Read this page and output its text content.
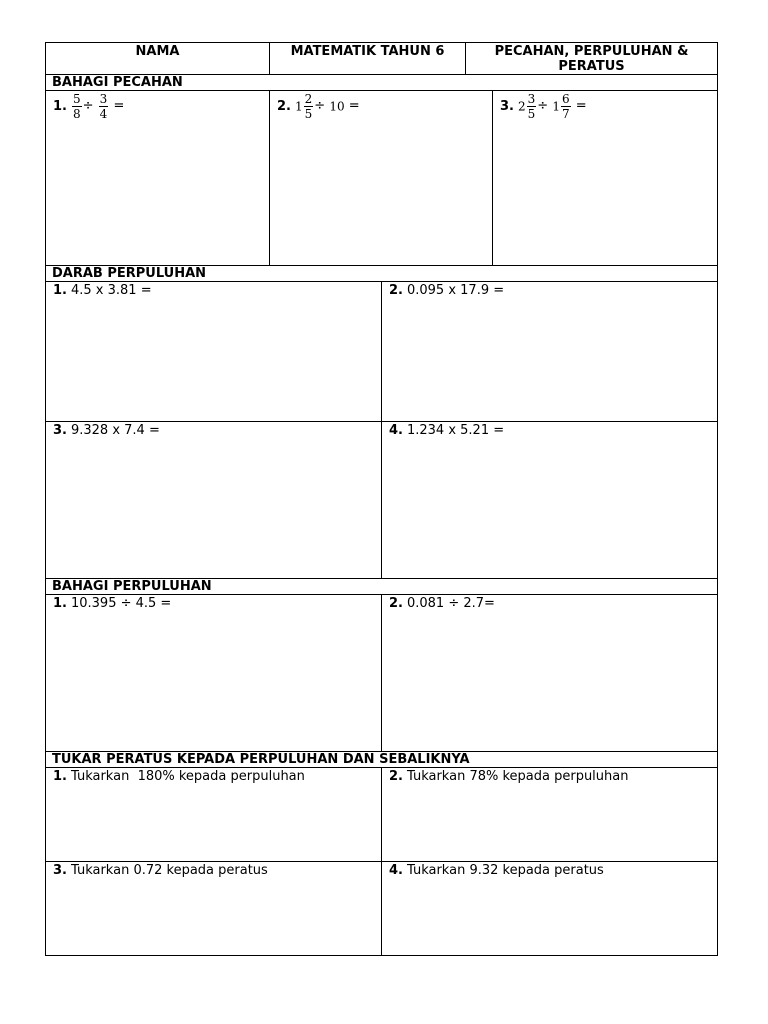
NAMA	MATEMATIK TAHUN 6	PECAHAN, PERPULUHAN & PERATUS
BAHAGI PECAHAN
1. $\frac{5}{8} \div \frac{3}{4}$ =	2. $1 \frac{2}{5} \div 10$ =	3. $2 \frac{3}{5} \div 1 \frac{6}{7}$ =
DARAB PERPULUHAN
1. 4.5 x 3.81 =	2. 0.095 x 17.9 =
3. 9.328 x 7.4 =	4. 1.234 x 5.21 =
BAHAGI PERPULUHAN
1. 10.395 ÷ 4.5 =	2. 0.081 ÷ 2.7=
TUKAR PERATUS KEPADA PERPULUHAN DAN SEBALIKNYA
1. Tukarkan  180% kepada perpuluhan	2. Tukarkan 78% kepada perpuluhan
3. Tukarkan 0.72 kepada peratus	4. Tukarkan 9.32 kepada peratus
